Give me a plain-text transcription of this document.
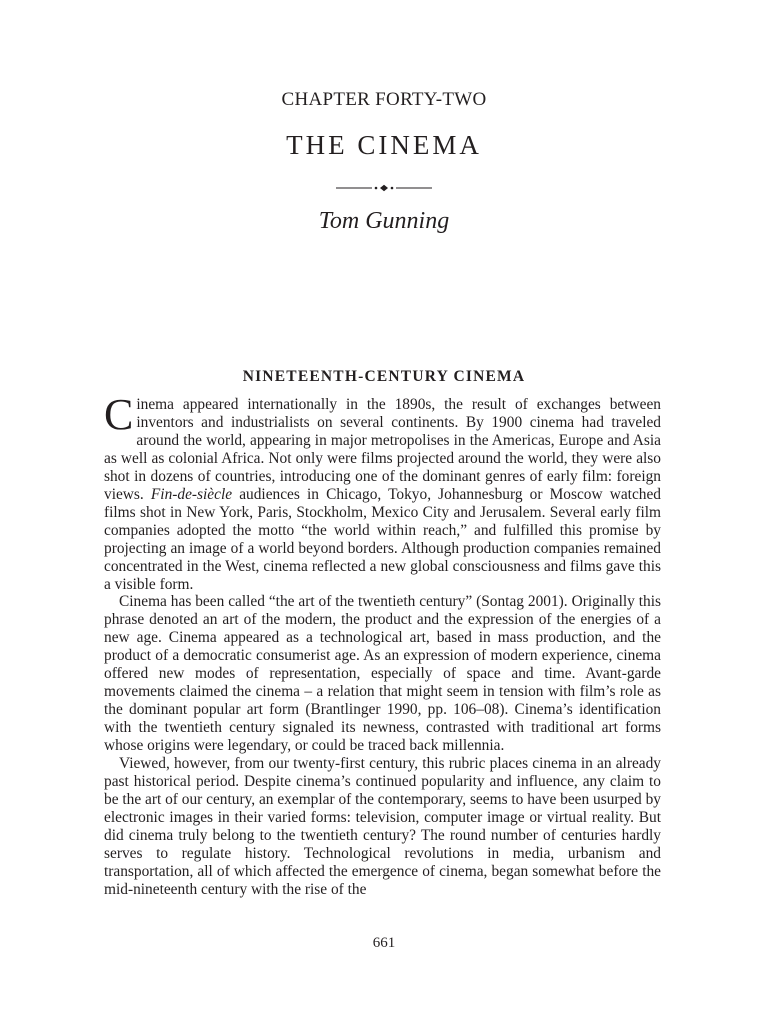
CHAPTER FORTY-TWO
THE CINEMA
Tom Gunning
NINETEENTH-CENTURY CINEMA

Cinema appeared internationally in the 1890s, the result of exchanges between inventors and industrialists on several continents. By 1900 cinema had traveled around the world, appearing in major metropolises in the Americas, Europe and Asia as well as colonial Africa. Not only were films projected around the world, they were also shot in dozens of countries, introducing one of the dominant genres of early film: foreign views. Fin-de-siècle audiences in Chicago, Tokyo, Johannesburg or Moscow watched films shot in New York, Paris, Stockholm, Mexico City and Jerusalem. Several early film companies adopted the motto “the world within reach,” and fulfilled this promise by projecting an image of a world beyond borders. Although production companies remained concentrated in the West, cinema reflected a new global consciousness and films gave this a visible form.

Cinema has been called “the art of the twentieth century” (Sontag 2001). Originally this phrase denoted an art of the modern, the product and the expression of the energies of a new age. Cinema appeared as a technological art, based in mass production, and the product of a democratic consumerist age. As an expression of modern experience, cinema offered new modes of representation, especially of space and time. Avant-garde movements claimed the cinema – a relation that might seem in tension with film’s role as the dominant popular art form (Brantlinger 1990, pp. 106–08). Cinema’s identification with the twentieth century signaled its newness, contrasted with traditional art forms whose origins were legendary, or could be traced back millennia.

Viewed, however, from our twenty-first century, this rubric places cinema in an already past historical period. Despite cinema’s continued popularity and influence, any claim to be the art of our century, an exemplar of the contemporary, seems to have been usurped by electronic images in their varied forms: television, computer image or virtual reality. But did cinema truly belong to the twentieth century? The round number of centuries hardly serves to regulate history. Technological revolutions in media, urbanism and transportation, all of which affected the emergence of cinema, began somewhat before the mid-nineteenth century with the rise of the

661
